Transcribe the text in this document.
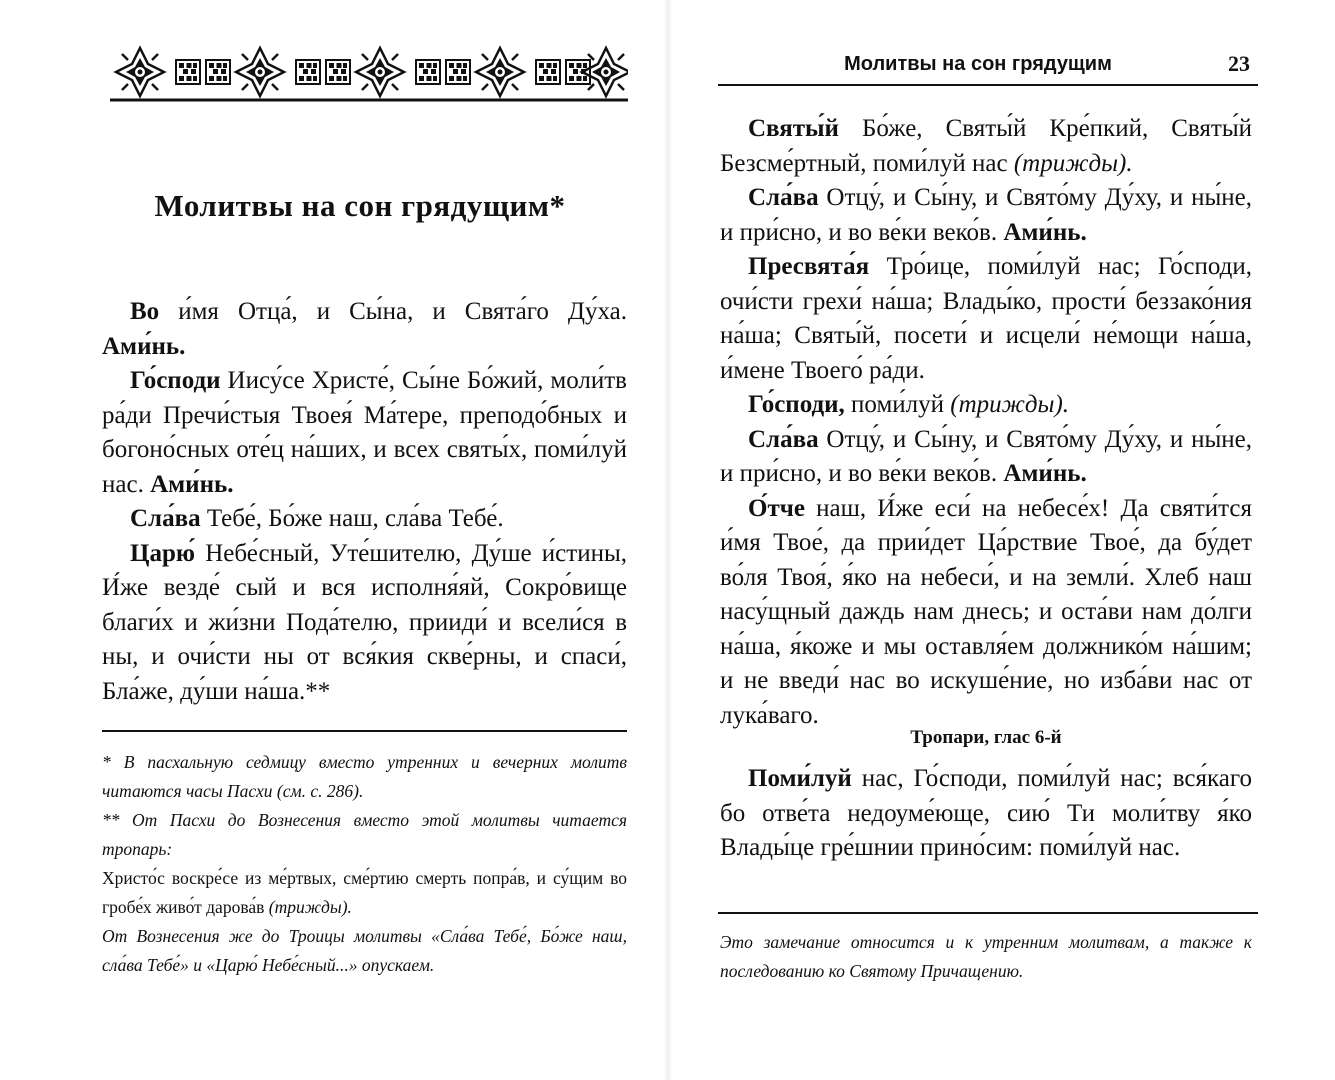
Молитвы на сон грядущим*

Во и́мя Отца́, и Сы́на, и Свята́го Ду́ха. Ами́нь.

Го́споди Иису́се Христе́, Сы́не Бо́жий, моли́тв ра́ди Пречи́стыя Твоея́ Ма́тере, преподо́бных и богоно́сных оте́ц на́ших, и всех святы́х, поми́луй нас. Ами́нь.

Сла́ва Тебе́, Бо́же наш, сла́ва Тебе́.

Царю́ Небе́сный, Уте́шителю, Ду́ше и́стины, И́же везде́ сый и вся исполня́яй, Сокро́вище благи́х и жи́зни Пода́телю, прииди́ и всели́ся в ны, и очи́сти ны от вся́кия скве́рны, и спаси́, Бла́же, ду́ши на́ша.**

* В пасхальную седмицу вместо утренних и вечерних молитв читаются часы Пасхи (см. с. 286).

** От Пасхи до Вознесения вместо этой молитвы читается тропарь:

Христо́с воскре́се из ме́ртвых, сме́ртию смерть попра́в, и су́щим во гробе́х живо́т дарова́в (трижды).

От Вознесения же до Троицы молитвы «Сла́ва Тебе́, Бо́же наш, сла́ва Тебе́» и «Царю́ Небе́сный...» опускаем.

Молитвы на сон грядущим	23

Святы́й Бо́же, Святы́й Кре́пкий, Святы́й Безсме́ртный, поми́луй нас (трижды).

Сла́ва Отцу́, и Сы́ну, и Свято́му Ду́ху, и ны́не, и при́сно, и во ве́ки веко́в. Ами́нь.

Пресвята́я Тро́ице, поми́луй нас; Го́споди, очи́сти грехи́ на́ша; Влады́ко, прости́ беззако́ния на́ша; Святы́й, посети́ и исцели́ не́мощи на́ша, и́мене Твоего́ ра́ди.

Го́споди, поми́луй (трижды).

Сла́ва Отцу́, и Сы́ну, и Свято́му Ду́ху, и ны́не, и при́сно, и во ве́ки веко́в. Ами́нь.

О́тче наш, И́же еси́ на небесе́х! Да святи́тся и́мя Твое́, да прии́дет Ца́рствие Твое́, да бу́дет во́ля Твоя́, я́ко на небеси́, и на земли́. Хлеб наш насу́щный даждь нам днесь; и оста́ви нам до́лги на́ша, я́коже и мы оставля́ем должнико́м на́шим; и не введи́ нас во искуше́ние, но изба́ви нас от лука́ваго.

Тропари, глас 6-й

Поми́луй нас, Го́споди, поми́луй нас; вся́каго бо отве́та недоуме́юще, сию́ Ти моли́тву я́ко Влады́це гре́шнии прино́сим: поми́луй нас.

Это замечание относится и к утренним молитвам, а также к последованию ко Святому Причащению.
